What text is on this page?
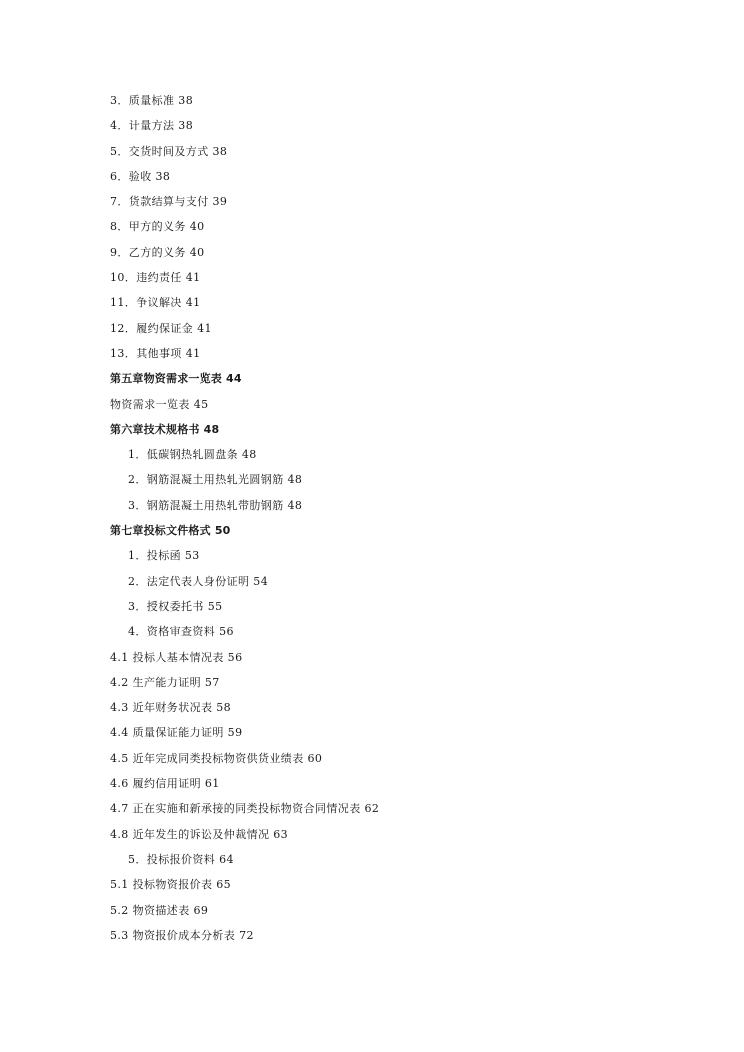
3．质量标准 38
4．计量方法 38
5．交货时间及方式 38
6．验收 38
7．货款结算与支付 39
8．甲方的义务 40
9．乙方的义务 40
10．违约责任 41
11．争议解决 41
12．履约保证金 41
13．其他事项 41
第五章物资需求一览表 44
物资需求一览表 45
第六章技术规格书 48
1．低碳钢热轧圆盘条 48
2．钢筋混凝土用热轧光圆钢筋 48
3．钢筋混凝土用热轧带肋钢筋 48
第七章投标文件格式 50
1．投标函 53
2．法定代表人身份证明 54
3．授权委托书 55
4．资格审查资料 56
4.1 投标人基本情况表 56
4.2 生产能力证明 57
4.3 近年财务状况表 58
4.4 质量保证能力证明 59
4.5 近年完成同类投标物资供货业绩表 60
4.6 履约信用证明 61
4.7 正在实施和新承接的同类投标物资合同情况表 62
4.8 近年发生的诉讼及仲裁情况 63
5．投标报价资料 64
5.1 投标物资报价表 65
5.2 物资描述表 69
5.3 物资报价成本分析表 72
